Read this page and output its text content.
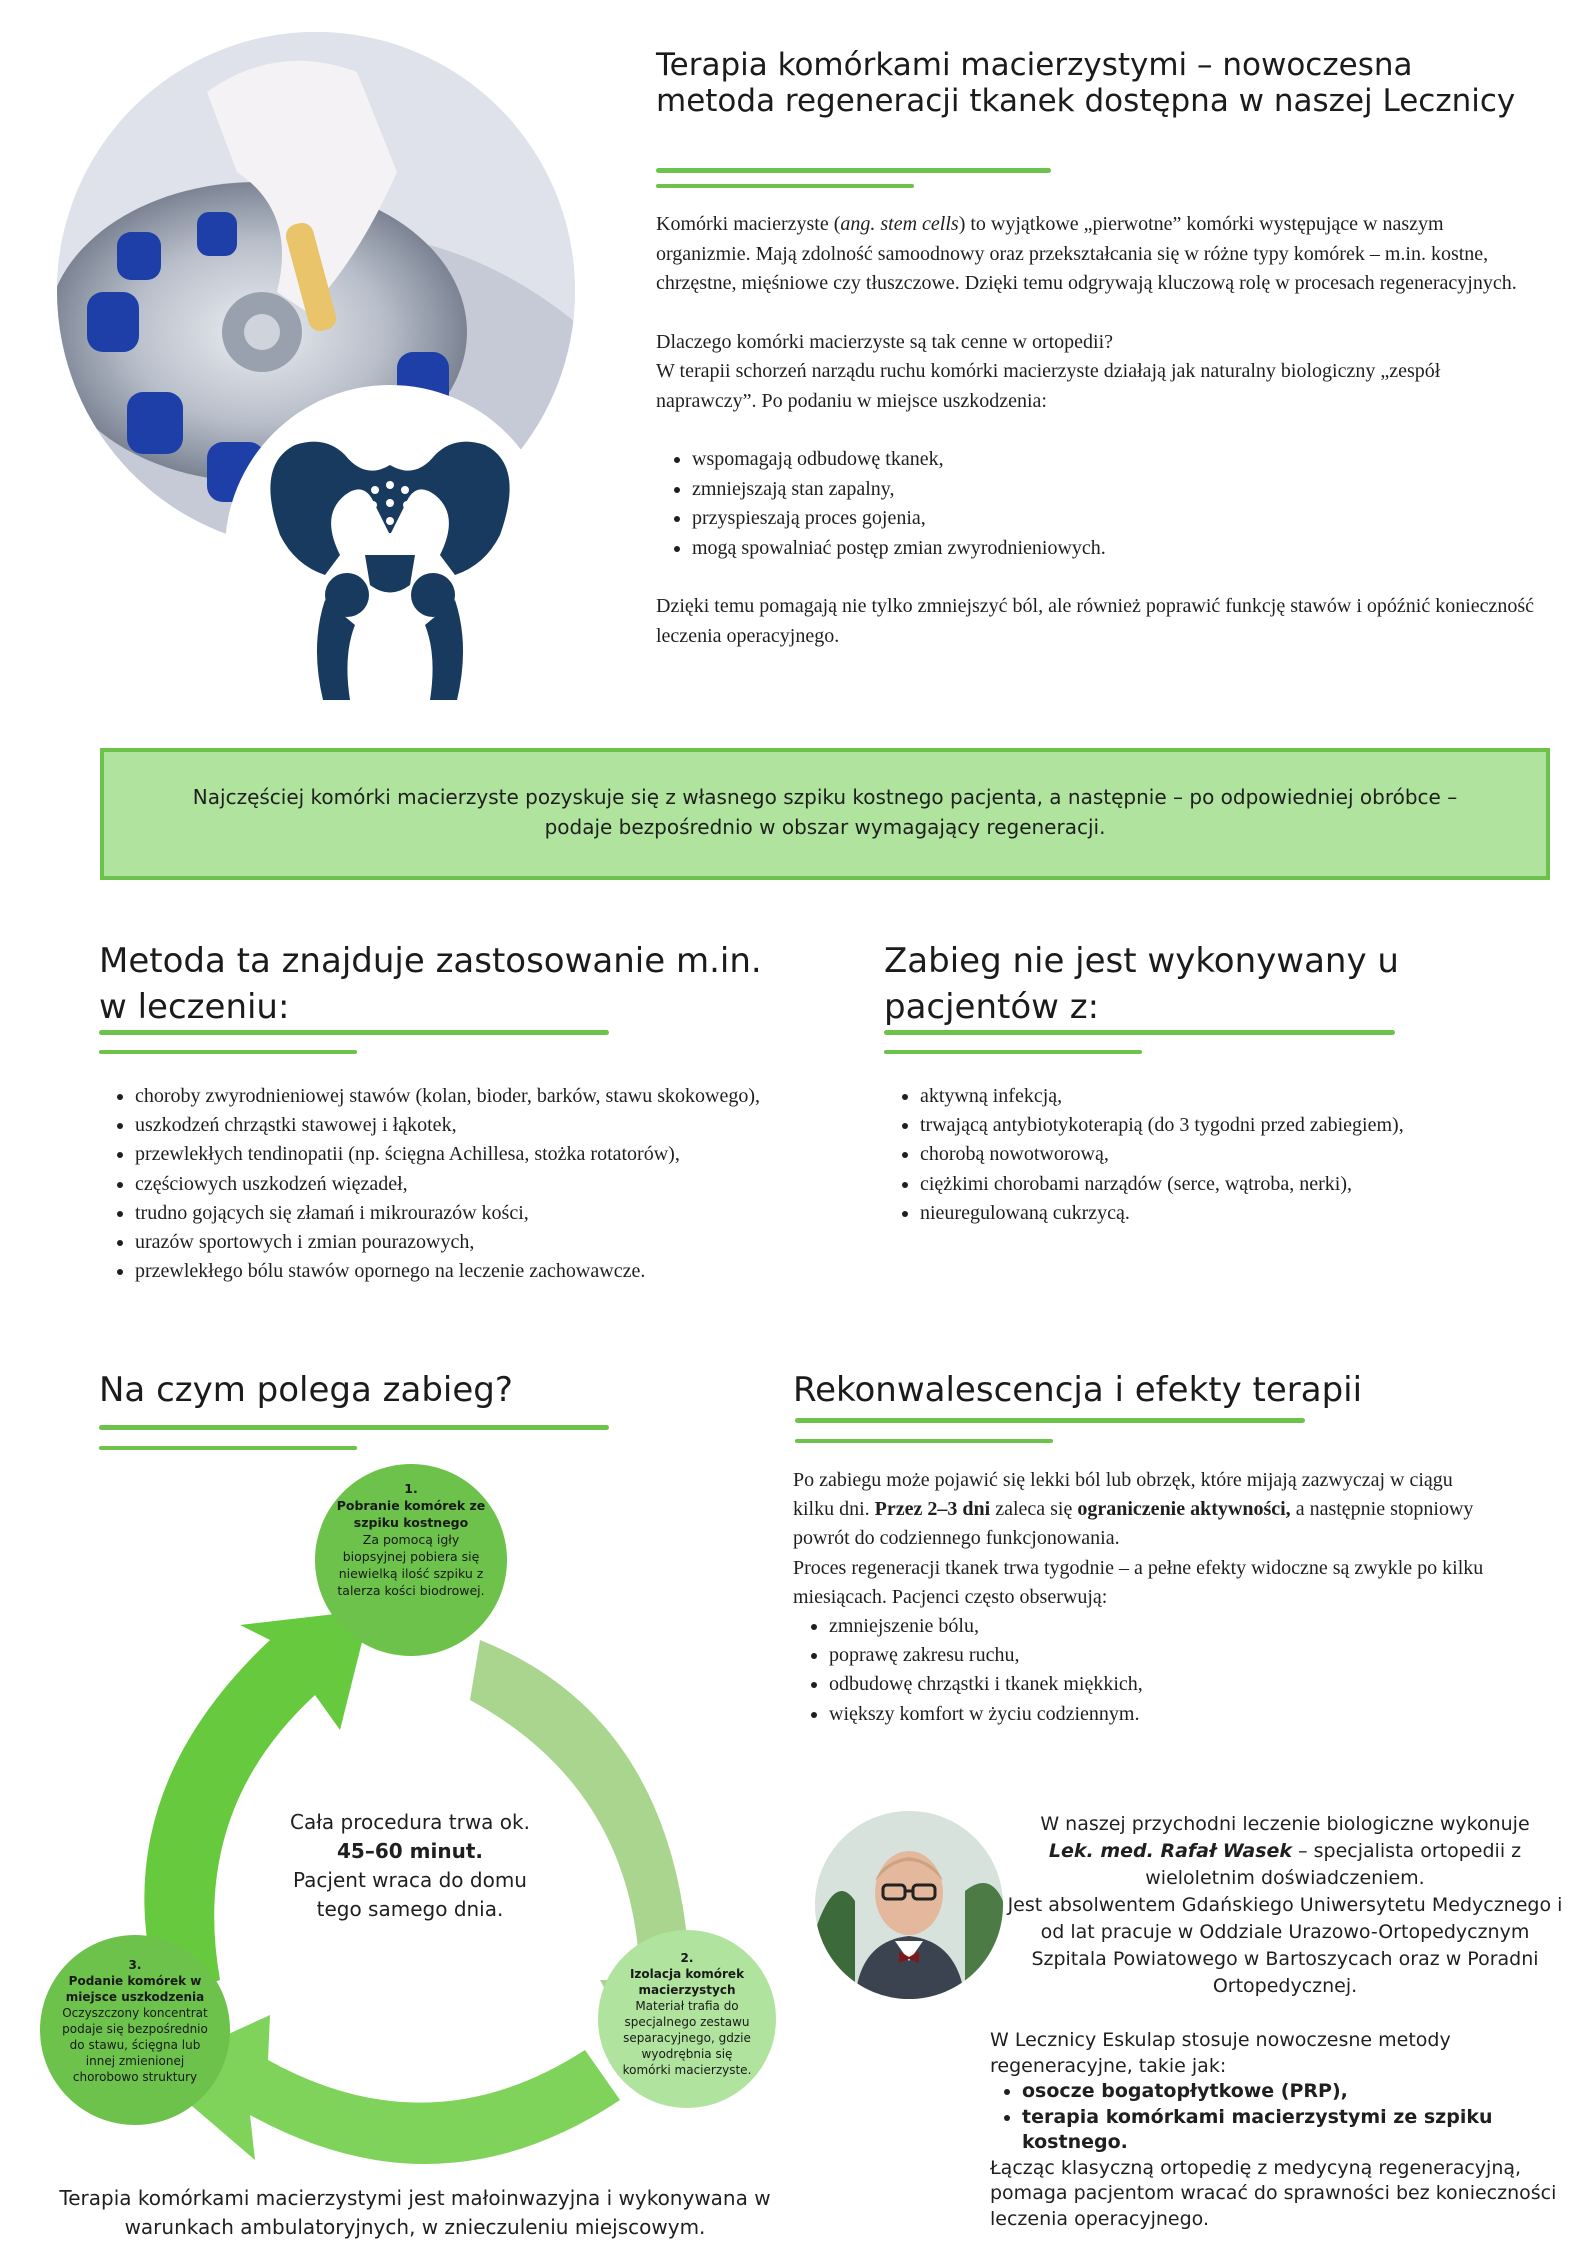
Terapia komórkami macierzystymi – nowoczesna metoda regeneracji tkanek dostępna w naszej Lecznicy

Komórki macierzyste (ang. stem cells) to wyjątkowe „pierwotne” komórki występujące w naszym organizmie. Mają zdolność samoodnowy oraz przekształcania się w różne typy komórek – m.in. kostne, chrzęstne, mięśniowe czy tłuszczowe. Dzięki temu odgrywają kluczową rolę w procesach regeneracyjnych.

Dlaczego komórki macierzyste są tak cenne w ortopedii?

W terapii schorzeń narządu ruchu komórki macierzyste działają jak naturalny biologiczny „zespół naprawczy”. Po podaniu w miejsce uszkodzenia:

• wspomagają odbudowę tkanek,
• zmniejszają stan zapalny,
• przyspieszają proces gojenia,
• mogą spowalniać postęp zmian zwyrodnieniowych.

Dzięki temu pomagają nie tylko zmniejszyć ból, ale również poprawić funkcję stawów i opóźnić konieczność leczenia operacyjnego.

Najczęściej komórki macierzyste pozyskuje się z własnego szpiku kostnego pacjenta, a następnie – po odpowiedniej obróbce – podaje bezpośrednio w obszar wymagający regeneracji.
Metoda ta znajduje zastosowanie m.in. w leczeniu:
• choroby zwyrodnieniowej stawów (kolan, bioder, barków, stawu skokowego),
• uszkodzeń chrząstki stawowej i łąkotek,
• przewlekłych tendinopatii (np. ścięgna Achillesa, stożka rotatorów),
• częściowych uszkodzeń więzadeł,
• trudno gojących się złamań i mikrourazów kości,
• urazów sportowych i zmian pourazowych,
• przewlekłego bólu stawów opornego na leczenie zachowawcze.
Zabieg nie jest wykonywany u pacjentów z:
• aktywną infekcją,
• trwającą antybiotykoterapią (do 3 tygodni przed zabiegiem),
• chorobą nowotworową,
• ciężkimi chorobami narządów (serce, wątroba, nerki),
• nieuregulowaną cukrzycą.
Na czym polega zabieg?
1.
Pobranie komórek ze szpiku kostnego
Za pomocą igły biopsyjnej pobiera się niewielką ilość szpiku z talerza kości biodrowej.
2.
Izolacja komórek macierzystych
Materiał trafia do specjalnego zestawu separacyjnego, gdzie wyodrębnia się komórki macierzyste.
3.
Podanie komórek w miejsce uszkodzenia
Oczyszczony koncentrat podaje się bezpośrednio do stawu, ścięgna lub innej zmienionej chorobowo struktury
Cała procedura trwa ok.
45–60 minut.
Pacjent wraca do domu tego samego dnia.
Terapia komórkami macierzystymi jest małoinwazyjna i wykonywana w warunkach ambulatoryjnych, w znieczuleniu miejscowym.
Rekonwalescencja i efekty terapii

Po zabiegu może pojawić się lekki ból lub obrzęk, które mijają zazwyczaj w ciągu kilku dni. Przez 2–3 dni zaleca się ograniczenie aktywności, a następnie stopniowy powrót do codziennego funkcjonowania.

Proces regeneracji tkanek trwa tygodnie – a pełne efekty widoczne są zwykle po kilku miesiącach. Pacjenci często obserwują:

• zmniejszenie bólu,
• poprawę zakresu ruchu,
• odbudowę chrząstki i tkanek miękkich,
• większy komfort w życiu codziennym.

W naszej przychodni leczenie biologiczne wykonuje
Lek. med. Rafał Wasek – specjalista ortopedii z wieloletnim doświadczeniem.

Jest absolwentem Gdańskiego Uniwersytetu Medycznego i od lat pracuje w Oddziale Urazowo-Ortopedycznym Szpitala Powiatowego w Bartoszycach oraz w Poradni Ortopedycznej.

W Lecznicy Eskulap stosuje nowoczesne metody regeneracyjne, takie jak:

• osocze bogatopłytkowe (PRP),
• terapia komórkami macierzystymi ze szpiku kostnego.

Łącząc klasyczną ortopedię z medycyną regeneracyjną, pomaga pacjentom wracać do sprawności bez konieczności leczenia operacyjnego.
